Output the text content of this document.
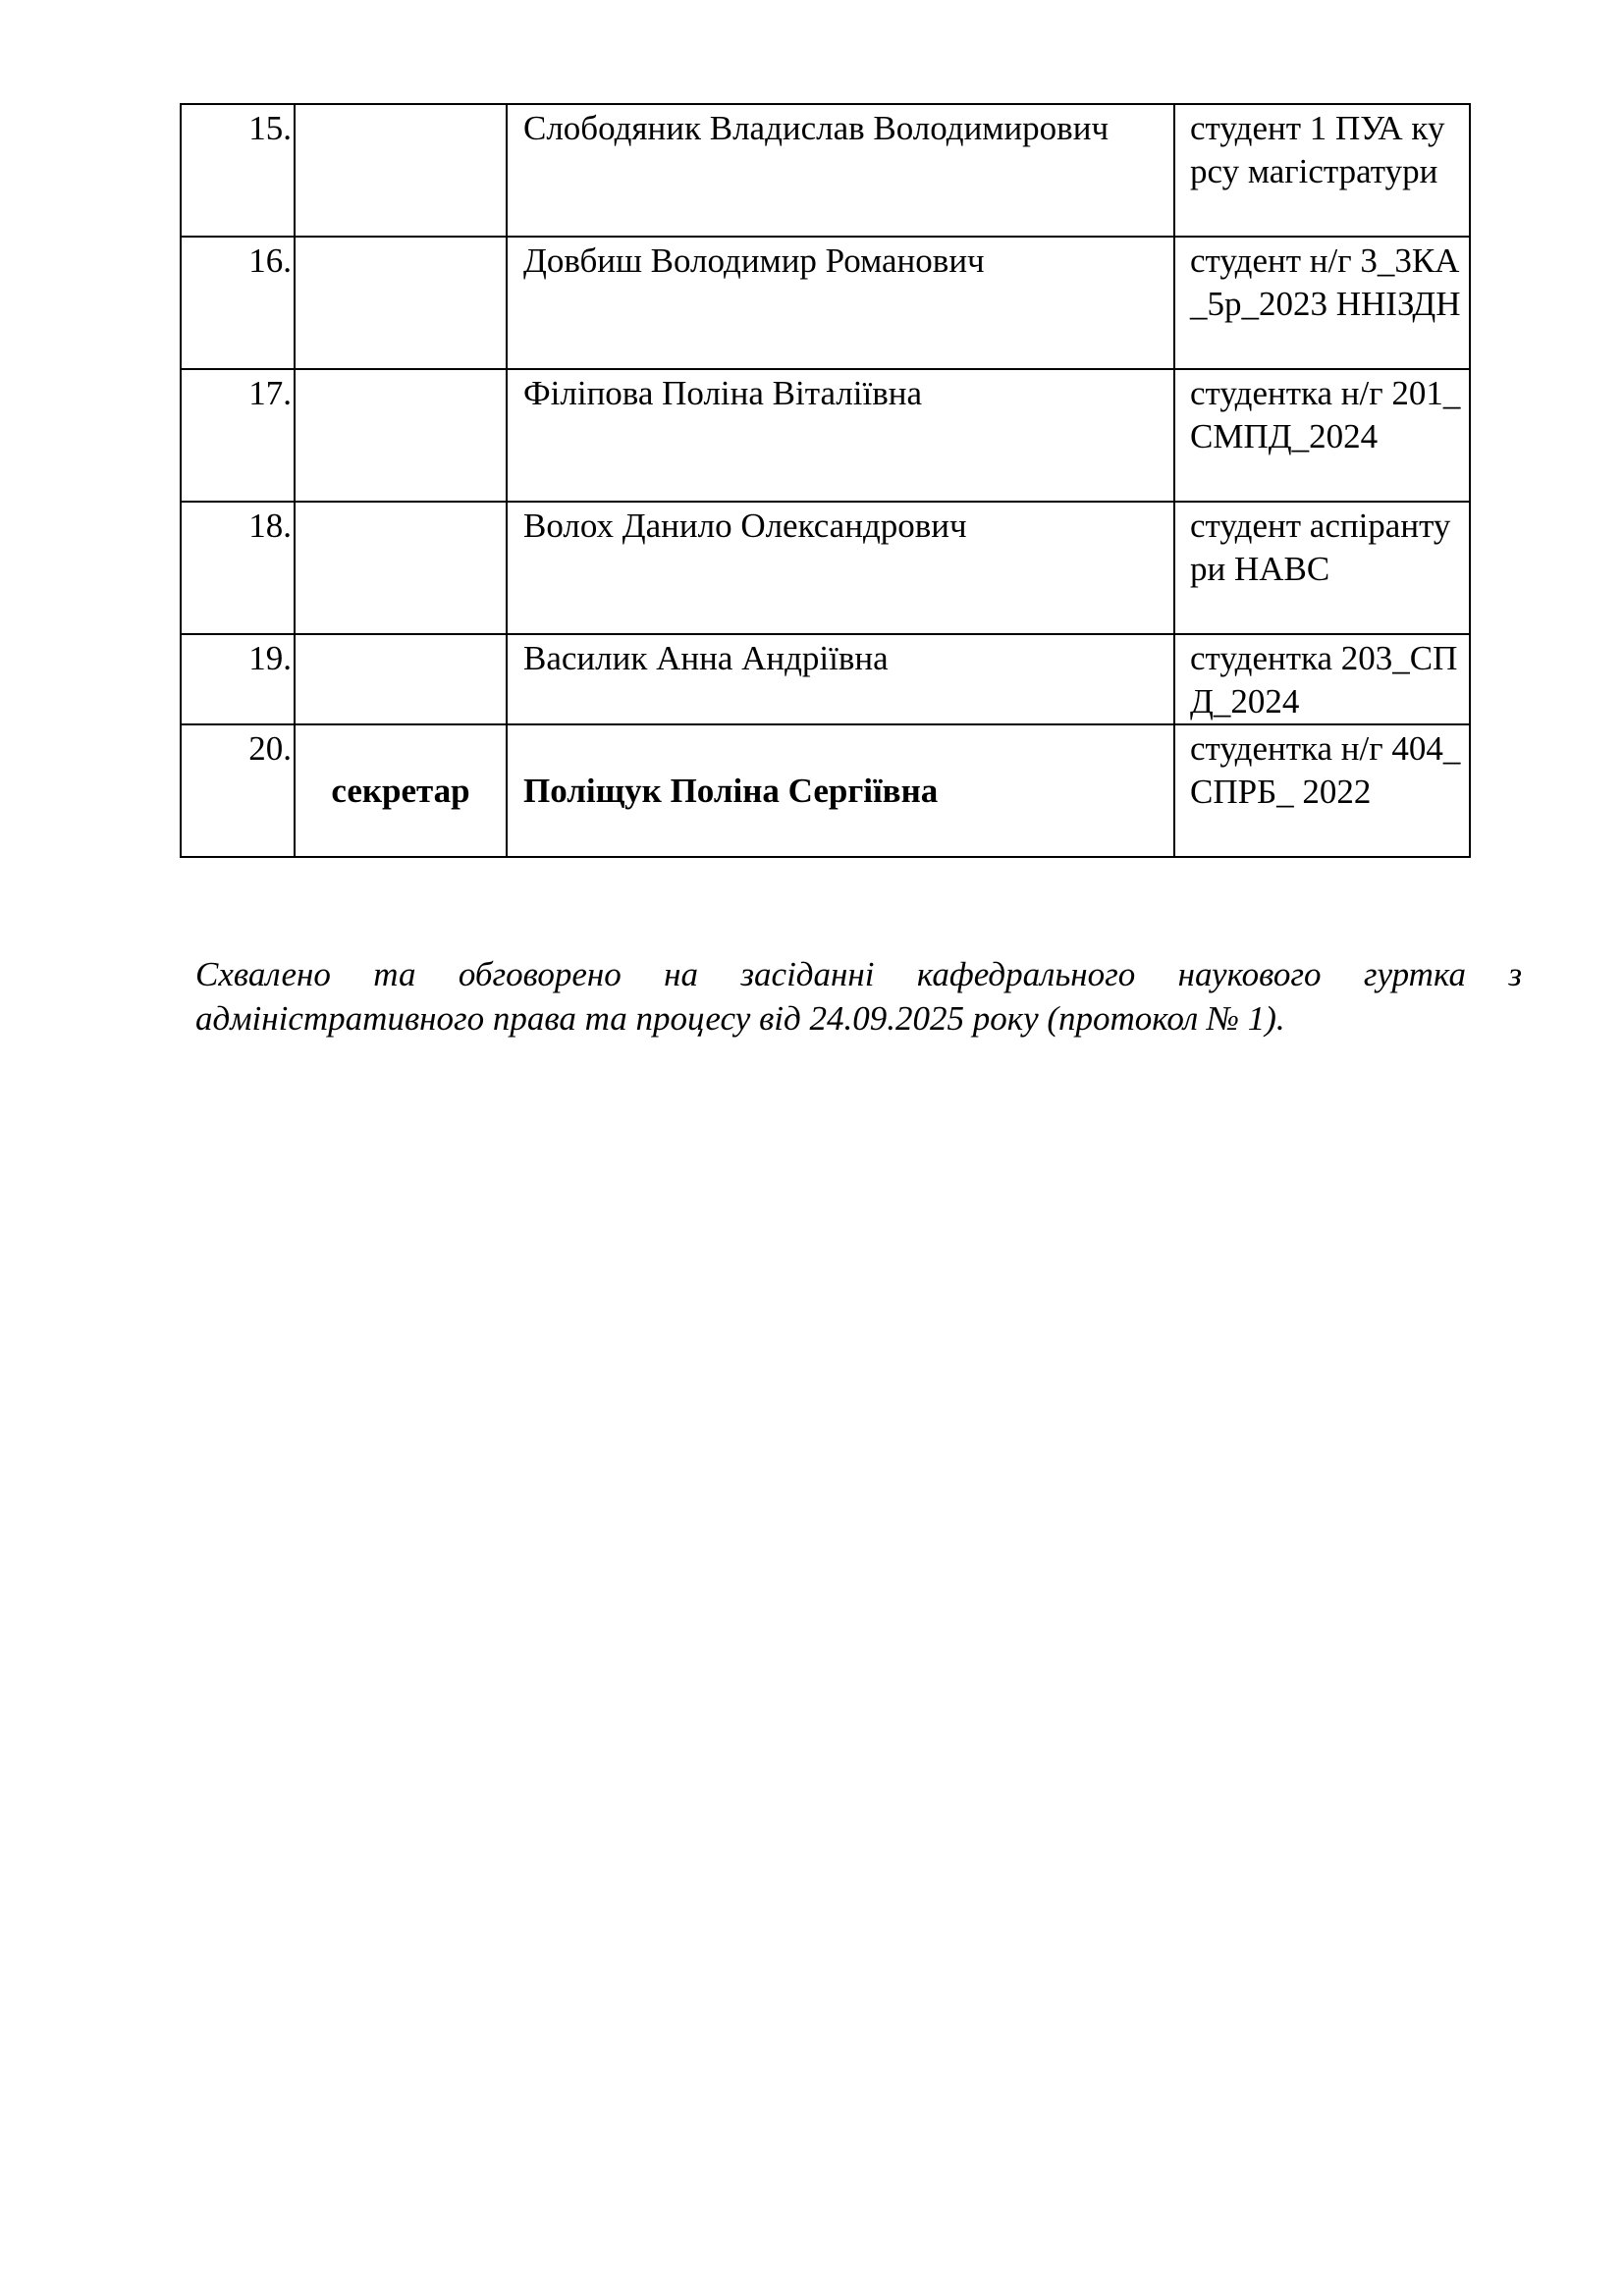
15.		Слободяник Владислав Володимирович	студент 1 ПУА курсу магістратури
16.		Довбиш Володимир Романович	студент н/г 3_3КА_5р_2023 ННІЗДН
17.		Філіпова Поліна Віталіївна	студентка н/г 201_СМПД_2024
18.		Волох Данило Олександрович	студент аспірантури НАВС
19.		Василик Анна Андріївна	студентка 203_СПД_2024
20.	секретар	Поліщук Поліна Сергіївна	студентка н/г 404_СПРБ_ 2022

Схвалено та обговорено на засіданні кафедрального наукового гуртка з адміністративного права та процесу від 24.09.2025 року (протокол № 1).
